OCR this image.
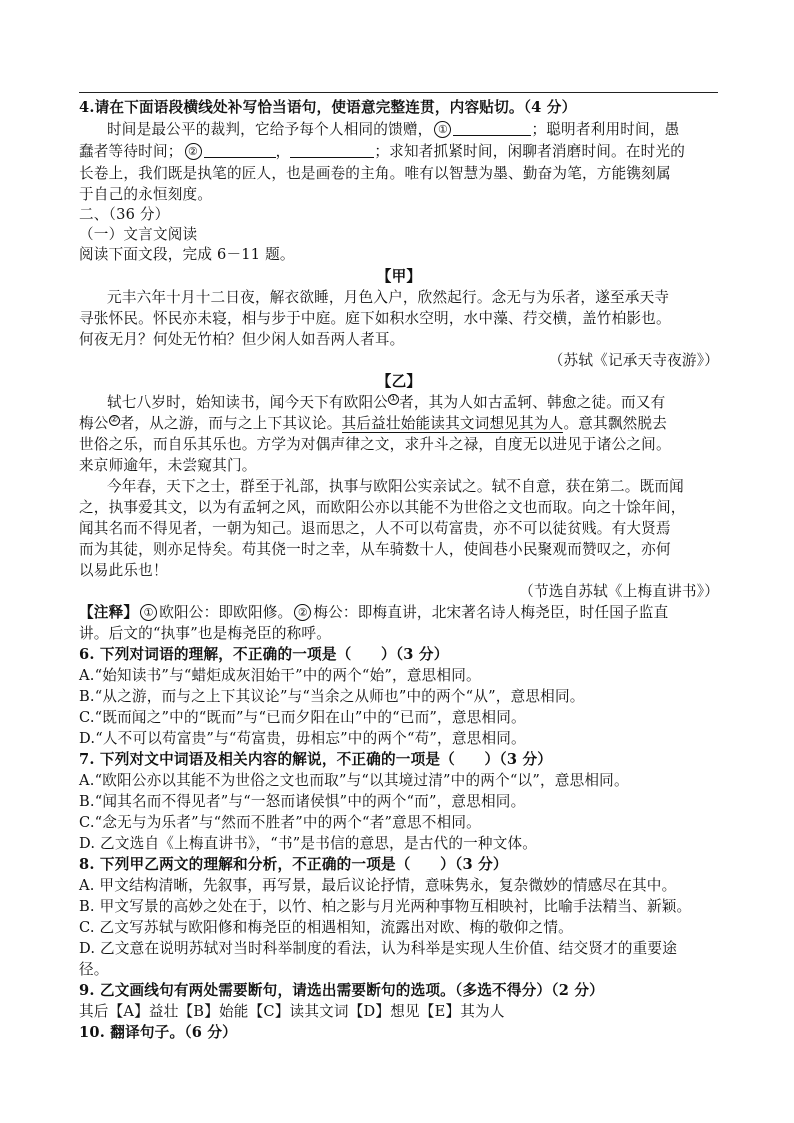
4.请在下面语段横线处补写恰当语句，使语意完整连贯，内容贴切。（4 分）
时间是最公平的裁判，它给予每个人相同的馈赠， ①	；聪明者利用时间，愚
蠢者等待时间； ②	，	；求知者抓紧时间，闲聊者消磨时间。在时光的
长卷上，我们既是执笔的匠人，也是画卷的主角。唯有以智慧为墨、勤奋为笔，方能镌刻属
于自己的永恒刻度。
二、（36 分）
（一）文言文阅读
阅读下面文段，完成 6－11 题。
【甲】
元丰六年十月十二日夜，解衣欲睡，月色入户，欣然起行。念无与为乐者，遂至承天寺
寻张怀民。怀民亦未寝，相与步于中庭。庭下如积水空明，水中藻、荇交横，盖竹柏影也。
何夜无月？何处无竹柏？但少闲人如吾两人者耳。
（苏轼《记承天寺夜游》）
【乙】
轼七八岁时，始知读书，闻今天下有欧阳公①者，其为人如古孟轲、韩愈之徒。而又有
梅公②者，从之游，而与之上下其议论。其后益壮始能读其文词想见其为人。意其飘然脱去
世俗之乐，而自乐其乐也。方学为对偶声律之文，求升斗之禄，自度无以进见于诸公之间。
来京师逾年，未尝窥其门。
今年春，天下之士，群至于礼部，执事与欧阳公实亲试之。轼不自意，获在第二。既而闻
之，执事爱其文，以为有孟轲之风，而欧阳公亦以其能不为世俗之文也而取。向之十馀年间，
闻其名而不得见者，一朝为知己。退而思之，人不可以苟富贵，亦不可以徒贫贱。有大贤焉
而为其徒，则亦足恃矣。苟其侥一时之幸，从车骑数十人，使闾巷小民聚观而赞叹之，亦何
以易此乐也！
（节选自苏轼《上梅直讲书》）
【注释】 ① 欧阳公：即欧阳修。 ② 梅公：即梅直讲，北宋著名诗人梅尧臣，时任国子监直
讲。后文的“执事”也是梅尧臣的称呼。
6. 下列对词语的理解，不正确的一项是（　　）（3 分）
A.“始知读书”与“蜡炬成灰泪始干”中的两个“始”，意思相同。
B.“从之游，而与之上下其议论”与“当余之从师也”中的两个“从”，意思相同。
C.“既而闻之”中的“既而”与“已而夕阳在山”中的“已而”，意思相同。
D.“人不可以苟富贵”与“苟富贵，毋相忘”中的两个“苟”，意思相同。
7. 下列对文中词语及相关内容的解说，不正确的一项是（　　）（3 分）
A.“欧阳公亦以其能不为世俗之文也而取”与“以其境过清”中的两个“以”，意思相同。
B.“闻其名而不得见者”与“一怒而诸侯惧”中的两个“而”，意思相同。
C.“念无与为乐者”与“然而不胜者”中的两个“者”意思不相同。
D. 乙文选自《上梅直讲书》，“书”是书信的意思，是古代的一种文体。
8. 下列甲乙两文的理解和分析，不正确的一项是（　　）（3 分）
A. 甲文结构清晰，先叙事，再写景，最后议论抒情，意味隽永，复杂微妙的情感尽在其中。
B. 甲文写景的高妙之处在于，以竹、柏之影与月光两种事物互相映衬，比喻手法精当、新颖。
C. 乙文写苏轼与欧阳修和梅尧臣的相遇相知，流露出对欧、梅的敬仰之情。
D. 乙文意在说明苏轼对当时科举制度的看法，认为科举是实现人生价值、结交贤才的重要途
径。
9. 乙文画线句有两处需要断句，请选出需要断句的选项。（多选不得分）（2 分）
其后【A】益壮【B】始能【C】读其文词【D】想见【E】其为人
10. 翻译句子。（6 分）
